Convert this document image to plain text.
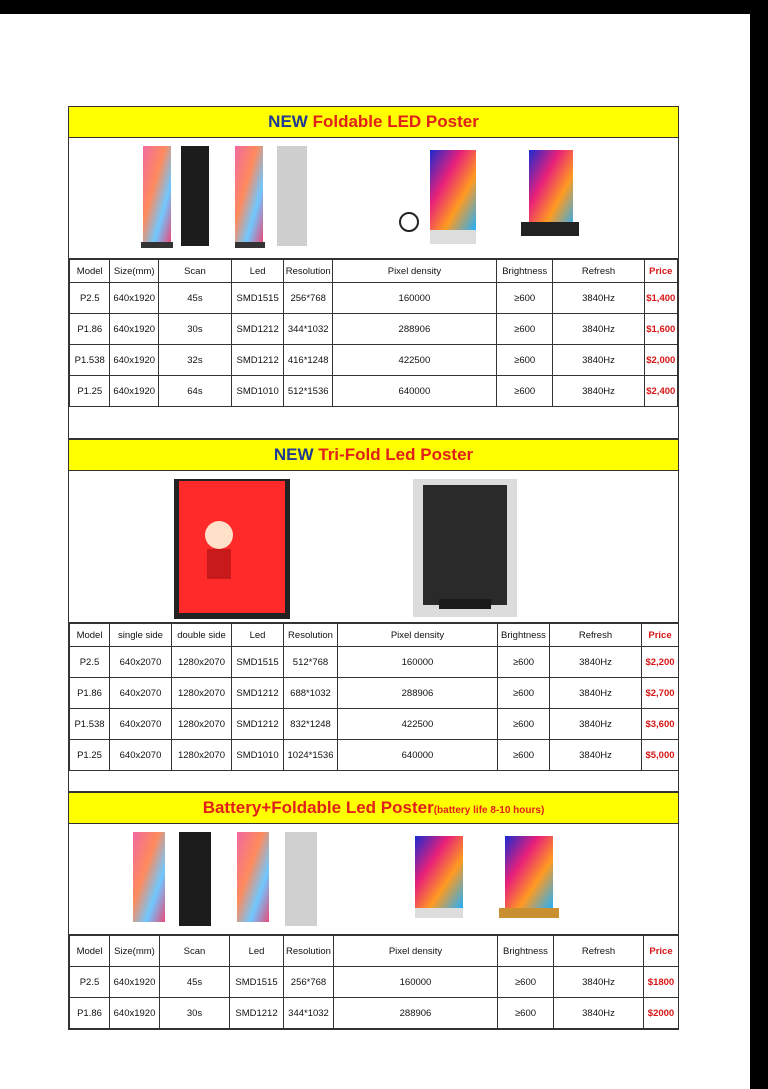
NEW Foldable LED Poster
Model	Size(mm)	Scan	Led	Resolution	Pixel density	Brightness	Refresh	Price
P2.5	640x1920	45s	SMD1515	256*768	160000	≥600	3840Hz	$1,400
P1.86	640x1920	30s	SMD1212	344*1032	288906	≥600	3840Hz	$1,600
P1.538	640x1920	32s	SMD1212	416*1248	422500	≥600	3840Hz	$2,000
P1.25	640x1920	64s	SMD1010	512*1536	640000	≥600	3840Hz	$2,400
NEW Tri-Fold Led Poster
Model	single side	double side	Led	Resolution	Pixel density	Brightness	Refresh	Price
P2.5	640x2070	1280x2070	SMD1515	512*768	160000	≥600	3840Hz	$2,200
P1.86	640x2070	1280x2070	SMD1212	688*1032	288906	≥600	3840Hz	$2,700
P1.538	640x2070	1280x2070	SMD1212	832*1248	422500	≥600	3840Hz	$3,600
P1.25	640x2070	1280x2070	SMD1010	1024*1536	640000	≥600	3840Hz	$5,000
Battery+Foldable Led Poster(battery life 8-10 hours)
Model	Size(mm)	Scan	Led	Resolution	Pixel density	Brightness	Refresh	Price
P2.5	640x1920	45s	SMD1515	256*768	160000	≥600	3840Hz	$1800
P1.86	640x1920	30s	SMD1212	344*1032	288906	≥600	3840Hz	$2000
